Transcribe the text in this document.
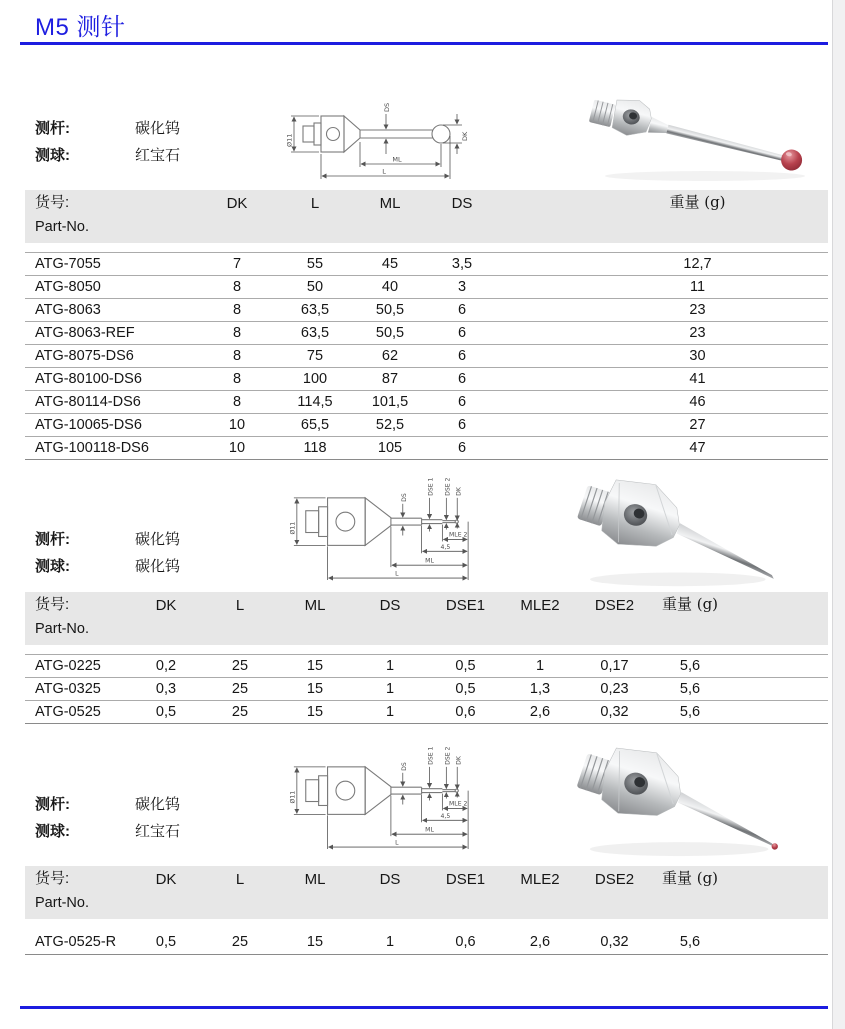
M5 测针
测杆:	碳化钨
测球:	红宝石
Ø11
DS
DK
ML
L
货号:	DK	L	ML	DS	重量 (g)
Part-No.					

ATG-7055	7	55	45	3,5	12,7
ATG-8050	8	50	40	3	11
ATG-8063	8	63,5	50,5	6	23
ATG-8063-REF	8	63,5	50,5	6	23
ATG-8075-DS6	8	75	62	6	30
ATG-80100-DS6	8	100	87	6	41
ATG-80114-DS6	8	114,5	101,5	6	46
ATG-10065-DS6	10	65,5	52,5	6	27
ATG-100118-DS6	10	118	105	6	47
测杆:	碳化钨
测球:	碳化钨
Ø11
DS
DSE 1 DSE 2 DK
MLE 2
4,5
ML
L
货号:	DK	L	ML	DS	DSE1	MLE2	DSE2	重量 (g)
Part-No.								

ATG-0225	0,2	25	15	1	0,5	1	0,17	5,6
ATG-0325	0,3	25	15	1	0,5	1,3	0,23	5,6
ATG-0525	0,5	25	15	1	0,6	2,6	0,32	5,6
测杆:	碳化钨
测球:	红宝石
Ø11
DS
DSE 1 DSE 2 DK
MLE 2
4,5
ML
L
货号:	DK	L	ML	DS	DSE1	MLE2	DSE2	重量 (g)
Part-No.								

ATG-0525-R	0,5	25	15	1	0,6	2,6	0,32	5,6
